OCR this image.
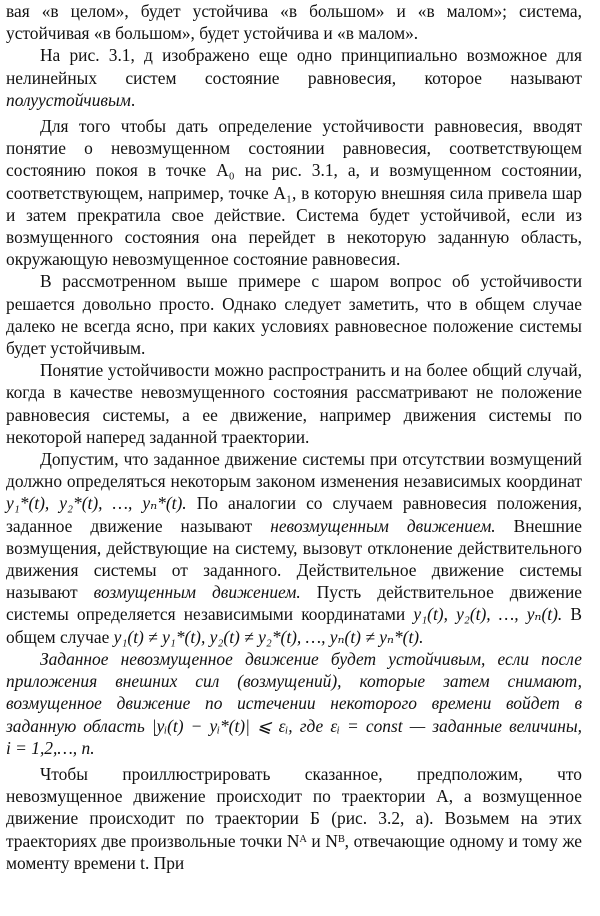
вая «в целом», будет устойчива «в большом» и «в малом»; система, устойчивая «в большом», будет устойчива и «в малом».

На рис. 3.1, д изображено еще одно принципиально возможное для нелинейных систем состояние равновесия, которое называют полуустойчивым.

Для того чтобы дать определение устойчивости равновесия, вводят понятие о невозмущенном состоянии равновесия, соответствующем состоянию покоя в точке A₀ на рис. 3.1, а, и возмущенном состоянии, соответствующем, например, точке A₁, в которую внешняя сила привела шар и затем прекратила свое действие. Система будет устойчивой, если из возмущенного состояния она перейдет в некоторую заданную область, окружающую невозмущенное состояние равновесия.

В рассмотренном выше примере с шаром вопрос об устойчивости решается довольно просто. Однако следует заметить, что в общем случае далеко не всегда ясно, при каких условиях равновесное положение системы будет устойчивым.

Понятие устойчивости можно распространить и на более общий случай, когда в качестве невозмущенного состояния рассматривают не положение равновесия системы, а ее движение, например движения системы по некоторой наперед заданной траектории.

Допустим, что заданное движение системы при отсутствии возмущений должно определяться некоторым законом изменения независимых координат y₁*(t), y₂*(t), …, yₙ*(t). По аналогии со случаем равновесия положения, заданное движение называют невозмущенным движением. Внешние возмущения, действующие на систему, вызовут отклонение действительного движения системы от заданного. Действительное движение системы называют возмущенным движением. Пусть действительное движение системы определяется независимыми координатами y₁(t), y₂(t), …, yₙ(t). В общем случае y₁(t) ≠ y₁*(t), y₂(t) ≠ y₂*(t), …, yₙ(t) ≠ yₙ*(t).

Заданное невозмущенное движение будет устойчивым, если после приложения внешних сил (возмущений), которые затем снимают, возмущенное движение по истечении некоторого времени войдет в заданную область |yᵢ(t) − yᵢ*(t)| ⩽ εᵢ, где εᵢ = const — заданные величины, i = 1,2,…, n.

Чтобы проиллюстрировать сказанное, предположим, что невозмущенное движение происходит по траектории A, а возмущенное движение происходит по траектории Б (рис. 3.2, а). Возьмем на этих траекториях две произвольные точки Nᴬ и Nᴮ, отвечающие одному и тому же моменту времени t. При
